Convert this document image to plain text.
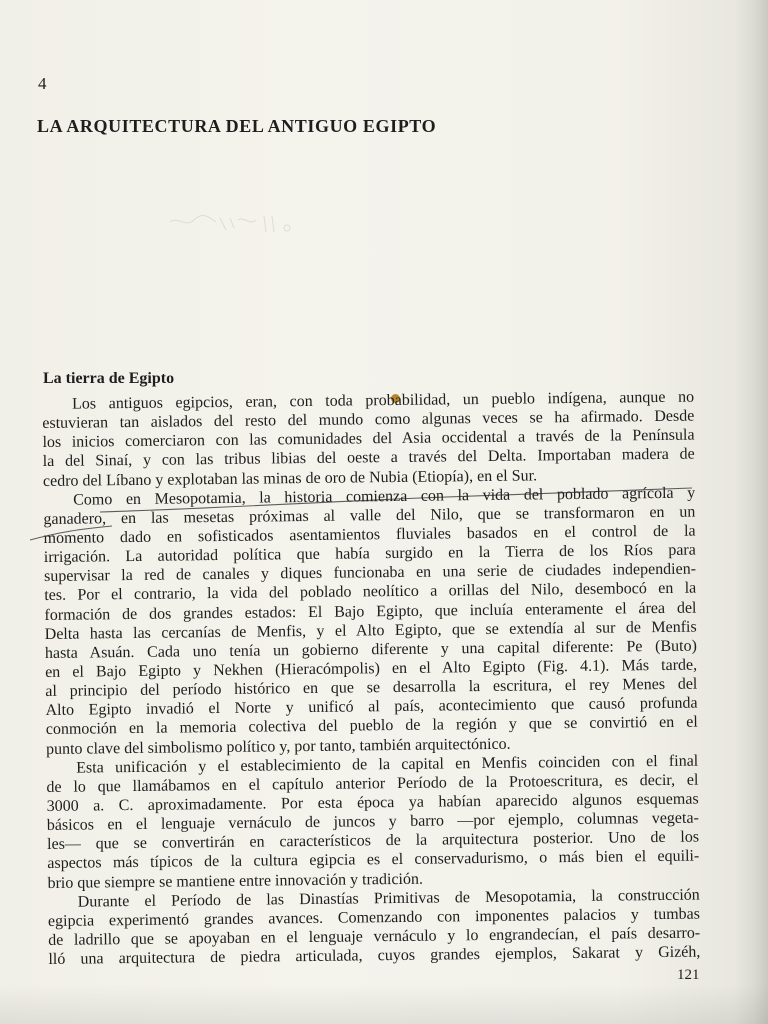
4
LA ARQUITECTURA DEL ANTIGUO EGIPTO
La tierra de Egipto
Los antiguos egipcios, eran, con toda probabilidad, un pueblo indígena, aunque no
estuvieran tan aislados del resto del mundo como algunas veces se ha afirmado. Desde
los inicios comerciaron con las comunidades del Asia occidental a través de la Península
la del Sinaí, y con las tribus libias del oeste a través del Delta. Importaban madera de
cedro del Líbano y explotaban las minas de oro de Nubia (Etiopía), en el Sur.
Como en Mesopotamia, la historia comienza con la vida del poblado agrícola y
ganadero, en las mesetas próximas al valle del Nilo, que se transformaron en un
momento dado en sofisticados asentamientos fluviales basados en el control de la
irrigación. La autoridad política que había surgido en la Tierra de los Ríos para
supervisar la red de canales y diques funcionaba en una serie de ciudades independien-
tes. Por el contrario, la vida del poblado neolítico a orillas del Nilo, desembocó en la
formación de dos grandes estados: El Bajo Egipto, que incluía enteramente el área del
Delta hasta las cercanías de Menfis, y el Alto Egipto, que se extendía al sur de Menfis
hasta Asuán. Cada uno tenía un gobierno diferente y una capital diferente: Pe (Buto)
en el Bajo Egipto y Nekhen (Hieracómpolis) en el Alto Egipto (Fig. 4.1). Más tarde,
al principio del período histórico en que se desarrolla la escritura, el rey Menes del
Alto Egipto invadió el Norte y unificó al país, acontecimiento que causó profunda
conmoción en la memoria colectiva del pueblo de la región y que se convirtió en el
punto clave del simbolismo político y, por tanto, también arquitectónico.
Esta unificación y el establecimiento de la capital en Menfis coinciden con el final
de lo que llamábamos en el capítulo anterior Período de la Protoescritura, es decir, el
3000 a. C. aproximadamente. Por esta época ya habían aparecido algunos esquemas
básicos en el lenguaje vernáculo de juncos y barro —por ejemplo, columnas vegeta-
les— que se convertirán en característicos de la arquitectura posterior. Uno de los
aspectos más típicos de la cultura egipcia es el conservadurismo, o más bien el equili-
brio que siempre se mantiene entre innovación y tradición.
Durante el Período de las Dinastías Primitivas de Mesopotamia, la construcción
egipcia experimentó grandes avances. Comenzando con imponentes palacios y tumbas
de ladrillo que se apoyaban en el lenguaje vernáculo y lo engrandecían, el país desarro-
lló una arquitectura de piedra articulada, cuyos grandes ejemplos, Sakarat y Gizéh,
121
